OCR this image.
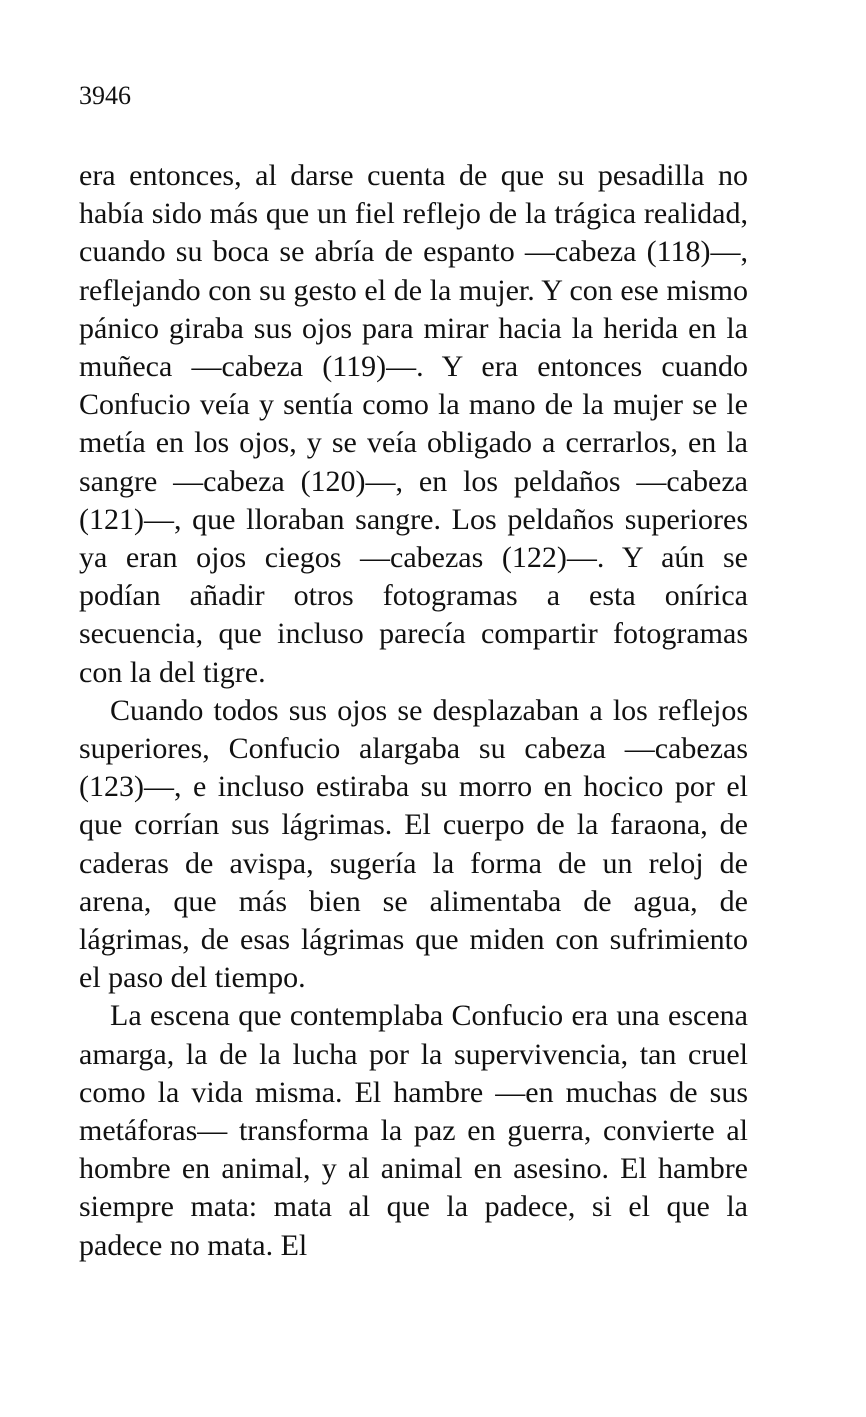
3946

era entonces, al darse cuenta de que su pesadilla no había sido más que un fiel reflejo de la trágica realidad, cuando su boca se abría de espanto —cabeza (118)—, reflejando con su gesto el de la mujer. Y con ese mismo pánico giraba sus ojos para mirar hacia la herida en la muñeca —cabeza (119)—. Y era entonces cuando Confucio veía y sentía como la mano de la mujer se le metía en los ojos, y se veía obligado a cerrarlos, en la sangre —cabeza (120)—, en los peldaños —cabeza (121)—, que lloraban sangre. Los peldaños superiores ya eran ojos ciegos —cabezas (122)—. Y aún se podían añadir otros fotogramas a esta onírica secuencia, que incluso parecía compartir fotogramas con la del tigre.

Cuando todos sus ojos se desplazaban a los reflejos superiores, Confucio alargaba su cabeza —cabezas (123)—, e incluso estiraba su morro en hocico por el que corrían sus lágrimas. El cuerpo de la faraona, de caderas de avispa, sugería la forma de un reloj de arena, que más bien se alimentaba de agua, de lágrimas, de esas lágrimas que miden con sufrimiento el paso del tiempo.

La escena que contemplaba Confucio era una escena amarga, la de la lucha por la supervivencia, tan cruel como la vida misma. El hambre —en muchas de sus metáforas— transforma la paz en guerra, convierte al hombre en animal, y al animal en asesino. El hambre siempre mata: mata al que la padece, si el que la padece no mata. El
